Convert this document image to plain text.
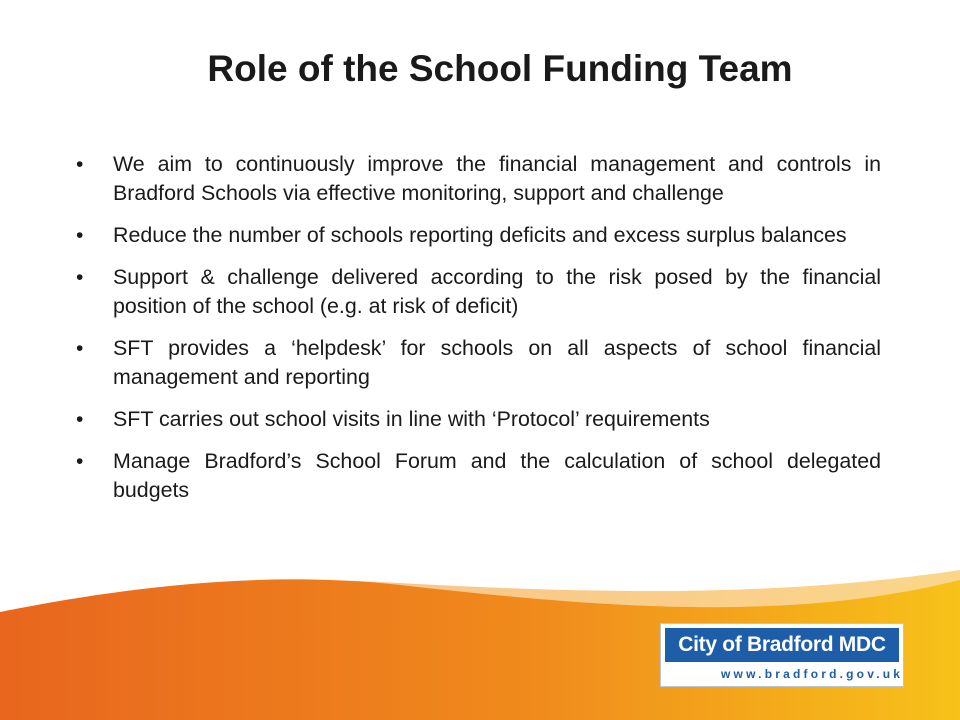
Role of the School Funding Team
• We aim to continuously improve the financial management and controls in Bradford Schools via effective monitoring, support and challenge
• Reduce the number of schools reporting deficits and excess surplus balances
• Support & challenge delivered according to the risk posed by the financial position of the school (e.g. at risk of deficit)
• SFT provides a ‘helpdesk’ for schools on all aspects of school financial management and reporting
• SFT carries out school visits in line with ‘Protocol’ requirements
• Manage Bradford’s School Forum and the calculation of school delegated budgets
City of Bradford MDC
www.bradford.gov.uk
